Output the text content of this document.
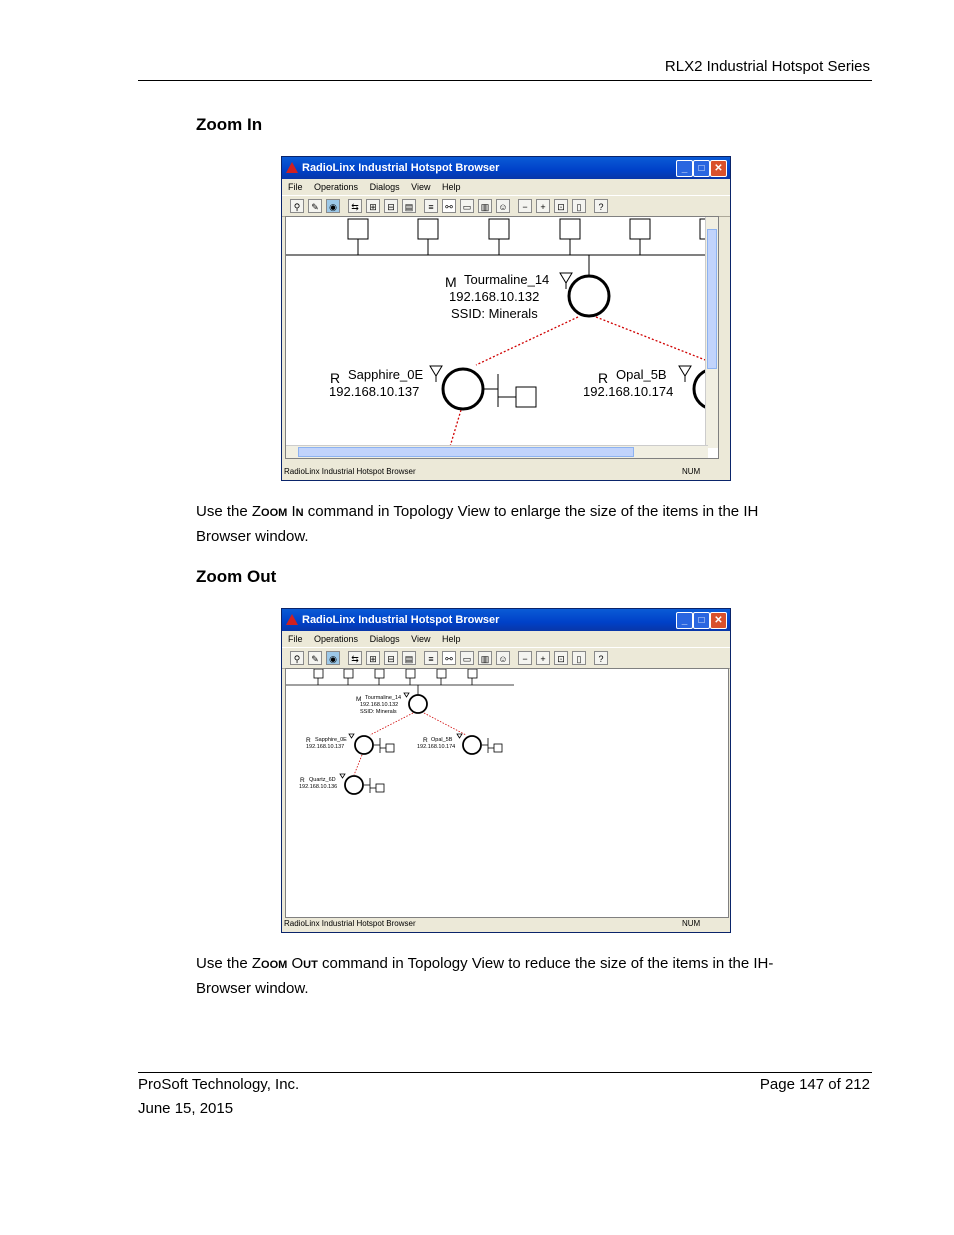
RLX2 Industrial Hotspot Series
Zoom In
RadioLinx Industrial Hotspot Browser	_	□ ✕
File Operations Dialogs View Help
⚲	✎	◉	⇆	⊞	⊟	▤	≡	⚯	▭	▥	☺	−	+	⊡	▯	?
M Tourmaline_14
192.168.10.132
SSID: Minerals
R Sapphire_0E
192.168.10.137
R Opal_5B
192.168.10.174
RadioLinx Industrial Hotspot Browser	NUM
Use the ZOOM IN command in Topology View to enlarge the size of the items in the IH
Browser window.
Zoom Out
RadioLinx Industrial Hotspot Browser	_	□ ✕
File Operations Dialogs View Help
⚲	✎	◉	⇆	⊞	⊟	▤	≡	⚯	▭	▥	☺	−	+	⊡	▯	?
M Tourmaline_14
192.168.10.132
SSID: Minerals
R Sapphire_0E
192.168.10.137
R Opal_5B
192.168.10.174
R Quartz_6D
192.168.10.136
RadioLinx Industrial Hotspot Browser	NUM
Use the ZOOM OUT command in Topology View to reduce the size of the items in the IH-
Browser window.
ProSoft Technology, Inc.
June 15, 2015
Page 147 of 212
